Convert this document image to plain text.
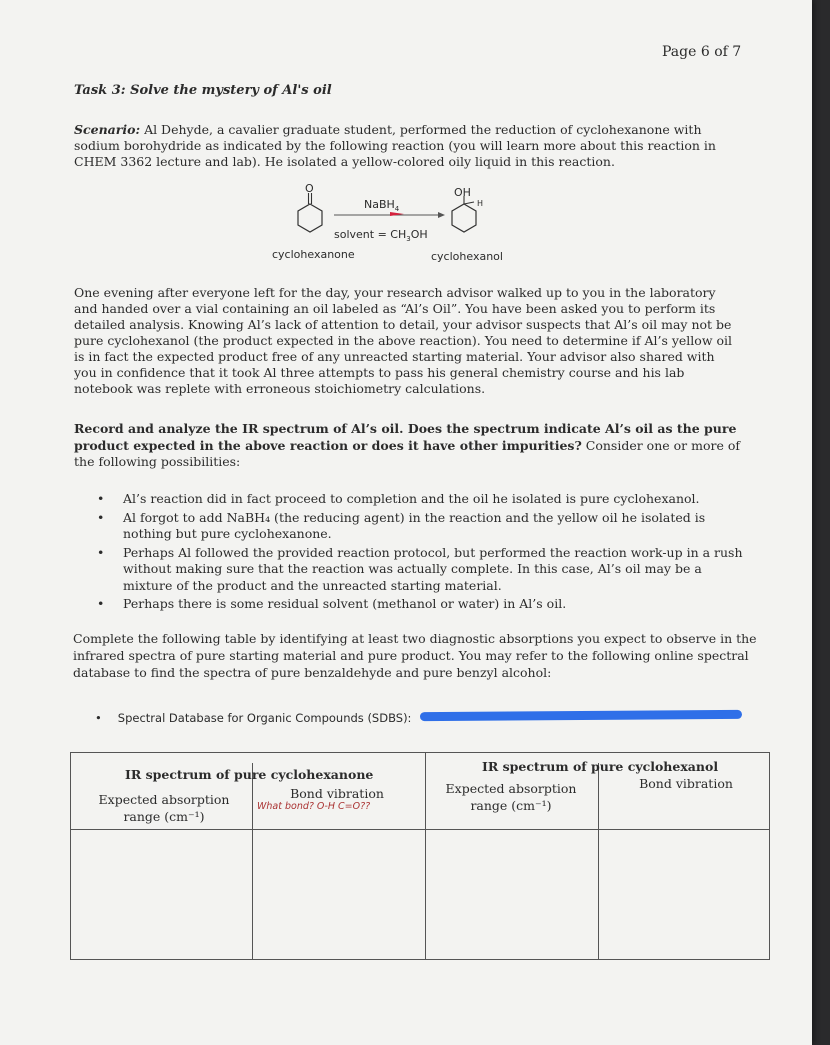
Page 6 of 7
Task 3: Solve the mystery of Al's oil
Scenario: Al Dehyde, a cavalier graduate student, performed the reduction of cyclohexanone with sodium borohydride as indicated by the following reaction (you will learn more about this reaction in CHEM 3362 lecture and lab). He isolated a yellow-colored oily liquid in this reaction.
O	OH
H
NaBH$_4$
solvent = $CH_3OH$
cyclohexanone	cyclohexanol
One evening after everyone left for the day, your research advisor walked up to you in the laboratory and handed over a vial containing an oil labeled as “Al’s Oil”. You have been asked you to perform its detailed analysis. Knowing Al’s lack of attention to detail, your advisor suspects that Al’s oil may not be pure cyclohexanol (the product expected in the above reaction). You need to determine if Al’s yellow oil is in fact the expected product free of any unreacted starting material. Your advisor also shared with you in confidence that it took Al three attempts to pass his general chemistry course and his lab notebook was replete with erroneous stoichiometry calculations.
Record and analyze the IR spectrum of Al’s oil. Does the spectrum indicate Al’s oil as the pure product expected in the above reaction or does it have other impurities? Consider one or more of the following possibilities:
• Al’s reaction did in fact proceed to completion and the oil he isolated is pure cyclohexanol.
• Al forgot to add NaBH₄ (the reducing agent) in the reaction and the yellow oil he isolated is nothing but pure cyclohexanone.
• Perhaps Al followed the provided reaction protocol, but performed the reaction work-up in a rush without making sure that the reaction was actually complete. In this case, Al’s oil may be a mixture of the product and the unreacted starting material.
• Perhaps there is some residual solvent (methanol or water) in Al’s oil.
Complete the following table by identifying at least two diagnostic absorptions you expect to observe in the infrared spectra of pure starting material and pure product. You may refer to the following online spectral database to find the spectra of pure benzaldehyde and pure benzyl alcohol:
• Spectral Database for Organic Compounds (SDBS):
IR spectrum of pure cyclohexanone
IR spectrum of pure cyclohexanol
Expected absorption
range (cm⁻¹)
Bond vibration
What bond? O-H C=O??
Expected absorption
range (cm⁻¹)
Bond vibration
